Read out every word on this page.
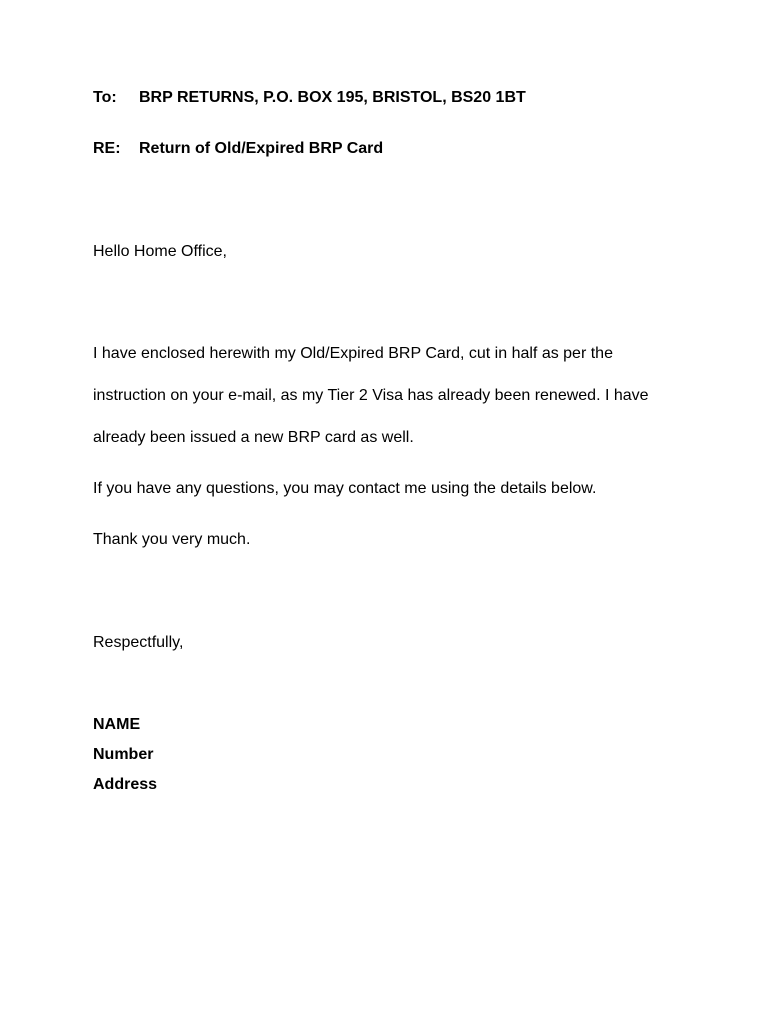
To: BRP RETURNS, P.O. BOX 195, BRISTOL, BS20 1BT
RE: Return of Old/Expired BRP Card
Hello Home Office,
I have enclosed herewith my Old/Expired BRP Card, cut in half as per the
instruction on your e-mail, as my Tier 2 Visa has already been renewed. I have
already been issued a new BRP card as well.
If you have any questions, you may contact me using the details below.
Thank you very much.
Respectfully,
NAME
Number
Address
